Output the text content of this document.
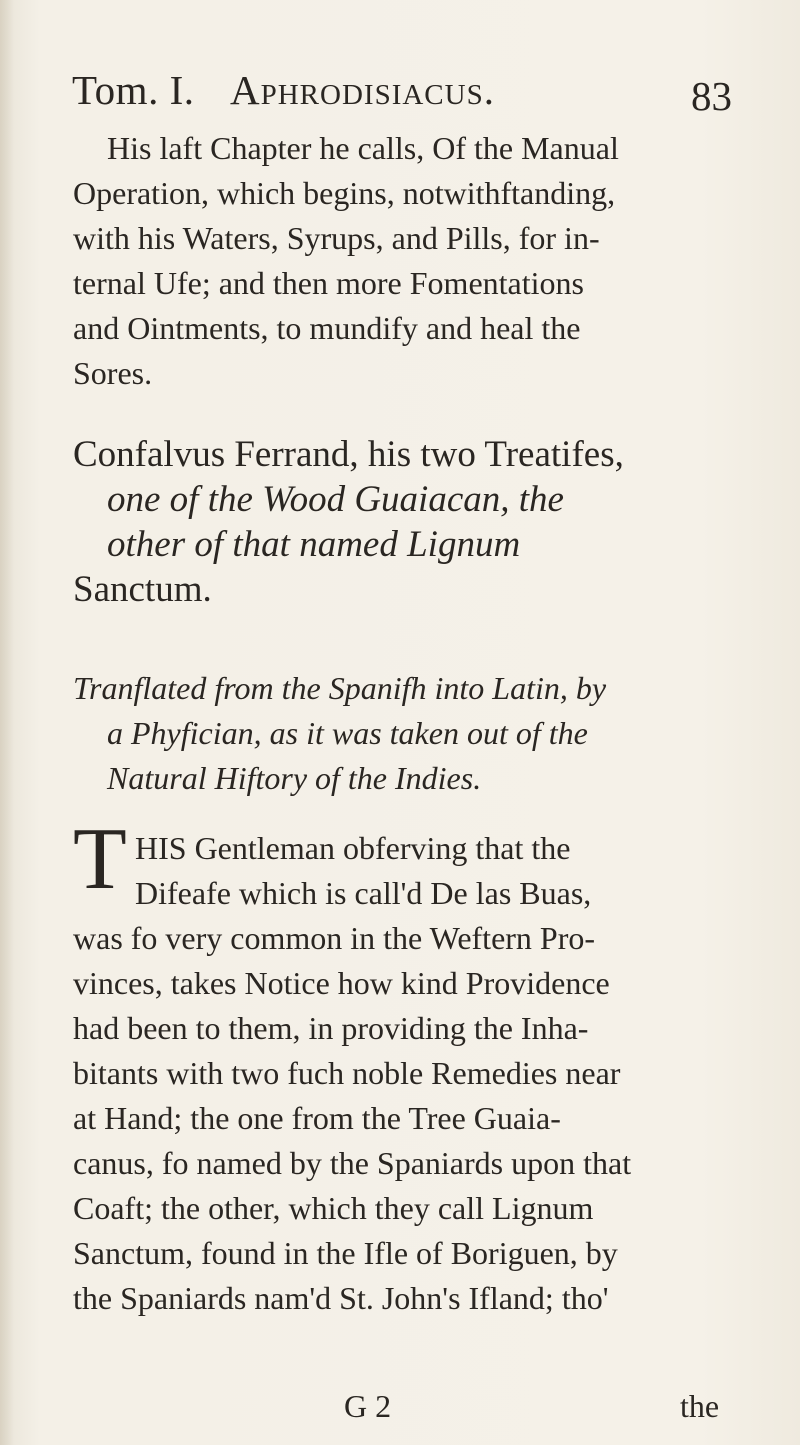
Tom. I. Aphrodisiacus.	83
His laft Chapter he calls, Of the Manual
Operation, which begins, notwithftanding,
with his Waters, Syrups, and Pills, for in-
ternal Ufe; and then more Fomentations
and Ointments, to mundify and heal the
Sores.
Confalvus Ferrand, his two Treatifes,
one of the Wood Guaiacan, the
other of that named Lignum
Sanctum.
Tranflated from the Spanifh into Latin, by
a Phyfician, as it was taken out of the
Natural Hiftory of the Indies.
T HIS Gentleman obferving that the
Difeafe which is call'd De las Buas,
was fo very common in the Weftern Pro-
vinces, takes Notice how kind Providence
had been to them, in providing the Inha-
bitants with two fuch noble Remedies near
at Hand; the one from the Tree Guaia-
canus, fo named by the Spaniards upon that
Coaft; the other, which they call Lignum
Sanctum, found in the Ifle of Boriguen, by
the Spaniards nam'd St. John's Ifland; tho'
G 2	the
